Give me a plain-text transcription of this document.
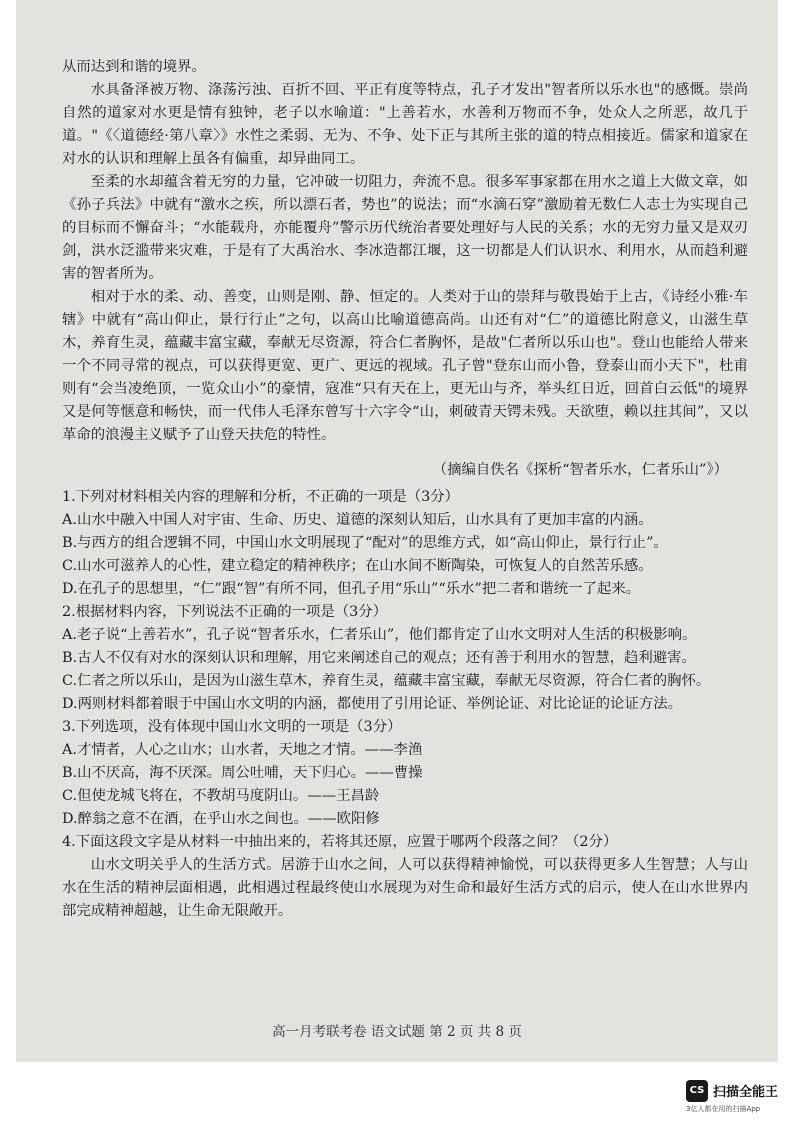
从而达到和谐的境界。

水具备泽被万物、涤荡污浊、百折不回、平正有度等特点，孔子才发出"智者所以乐水也"的感慨。崇尚自然的道家对水更是情有独钟，老子以水喻道："上善若水，水善利万物而不争，处众人之所恶，故几于道。"《〈道德经·第八章〉》水性之柔弱、无为、不争、处下正与其所主张的道的特点相接近。儒家和道家在对水的认识和理解上虽各有偏重，却异曲同工。

至柔的水却蕴含着无穷的力量，它冲破一切阻力，奔流不息。很多军事家都在用水之道上大做文章，如《孙子兵法》中就有“激水之疾，所以漂石者，势也”的说法；而“水滴石穿”激励着无数仁人志士为实现自己的目标而不懈奋斗；“水能载舟，亦能覆舟”警示历代统治者要处理好与人民的关系；水的无穷力量又是双刃剑，洪水泛滥带来灾难，于是有了大禹治水、李冰造都江堰，这一切都是人们认识水、利用水，从而趋利避害的智者所为。

相对于水的柔、动、善变，山则是刚、静、恒定的。人类对于山的崇拜与敬畏始于上古，《诗经小雅·车辖》中就有“高山仰止，景行行止”之句，以高山比喻道德高尚。山还有对“仁”的道德比附意义，山滋生草木，养育生灵，蕴藏丰富宝藏，奉献无尽资源，符合仁者胸怀，是故"仁者所以乐山也"。登山也能给人带来一个不同寻常的视点，可以获得更宽、更广、更远的视域。孔子曾"登东山而小鲁，登泰山而小天下"，杜甫则有“会当凌绝顶，一览众山小”的豪情，寇准“只有天在上，更无山与齐，举头红日近，回首白云低"的境界又是何等惬意和畅快，而一代伟人毛泽东曾写十六字令“山，刺破青天锷未残。天欲堕，赖以拄其间”，又以革命的浪漫主义赋予了山登天扶危的特性。

（摘编自佚名《探析“智者乐水，仁者乐山”》）

1.下列对材料相关内容的理解和分析，不正确的一项是（3分）

A.山水中融入中国人对宇宙、生命、历史、道德的深刻认知后，山水具有了更加丰富的内涵。

B.与西方的组合逻辑不同，中国山水文明展现了“配对”的思维方式，如“高山仰止，景行行止”。

C.山水可滋养人的心性，建立稳定的精神秩序；在山水间不断陶染，可恢复人的自然苦乐感。

D.在孔子的思想里，“仁”跟“智”有所不同，但孔子用“乐山”“乐水”把二者和谐统一了起来。

2.根据材料内容，下列说法不正确的一项是（3分）

A.老子说“上善若水”，孔子说“智者乐水，仁者乐山”，他们都肯定了山水文明对人生活的积极影响。

B.古人不仅有对水的深刻认识和理解，用它来阐述自己的观点；还有善于利用水的智慧，趋利避害。

C.仁者之所以乐山，是因为山滋生草木，养育生灵，蕴藏丰富宝藏，奉献无尽资源，符合仁者的胸怀。

D.两则材料都着眼于中国山水文明的内涵，都使用了引用论证、举例论证、对比论证的论证方法。

3.下列选项，没有体现中国山水文明的一项是（3分）

A.才情者，人心之山水；山水者，天地之才情。——李渔

B.山不厌高，海不厌深。周公吐哺，天下归心。——曹操

C.但使龙城飞将在，不教胡马度阴山。——王昌龄

D.醉翁之意不在酒，在乎山水之间也。——欧阳修

4.下面这段文字是从材料一中抽出来的，若将其还原，应置于哪两个段落之间？（2分）

山水文明关乎人的生活方式。居游于山水之间，人可以获得精神愉悦，可以获得更多人生智慧；人与山水在生活的精神层面相遇，此相遇过程最终使山水展现为对生命和最好生活方式的启示，使人在山水世界内部完成精神超越，让生命无限敞开。

高一月考联考卷 语文试题 第 2 页 共 8 页
CS 扫描全能王
3亿人都在用的扫描App
